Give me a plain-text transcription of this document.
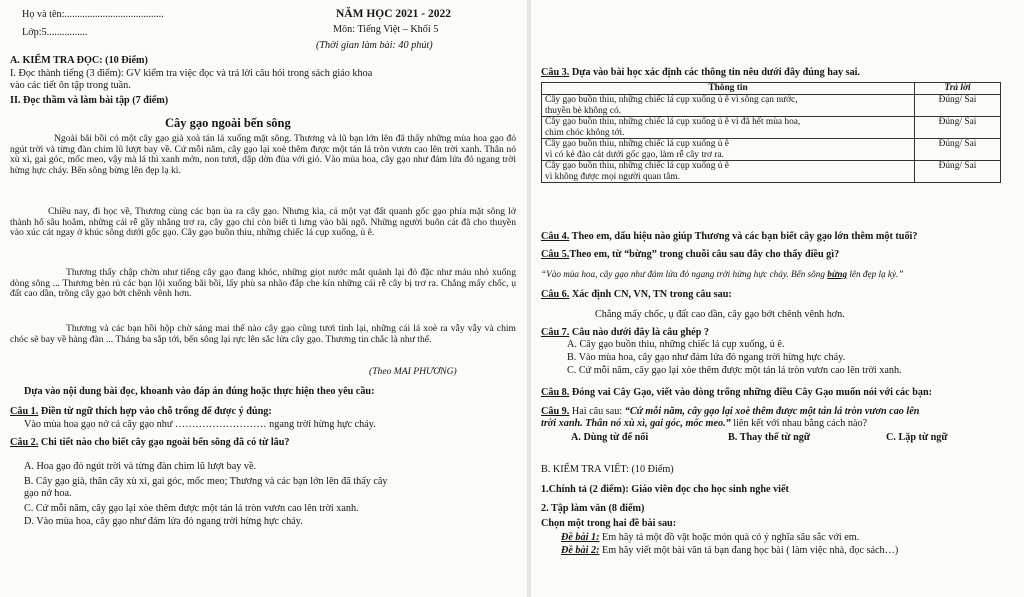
Họ và tên:.......................................
Lớp:5................
NĂM HỌC 2021 - 2022
Môn: Tiếng Việt – Khối 5
(Thời gian làm bài: 40 phút)
A. KIỂM TRA ĐỌC: (10 Điểm)
I. Đọc thành tiếng (3 điểm): GV kiểm tra việc đọc và trả lời câu hỏi trong sách giáo khoa
vào các tiết ôn tập trong tuần.
II. Đọc thầm và làm bài tập (7 điểm)
Cây gạo ngoài bến sông

Ngoài bãi bồi có một cây gạo già xoà tán lá xuống mặt sông. Thương và lũ bạn lớn lên đã thấy những mùa hoa gạo đỏ ngút trời và từng đàn chim lũ lượt bay về. Cứ mỗi năm, cây gạo lại xoè thêm được một tán lá tròn vươn cao lên trời xanh. Thân nó xù xì, gai góc, mốc meo, vậy mà lá thì xanh mởn, non tươi, dập dờn đùa với gió. Vào mùa hoa, cây gạo như đám lửa đỏ ngang trời hừng hực cháy. Bến sông bừng lên đẹp lạ kì.

Chiều nay, đi học về, Thương cùng các bạn ùa ra cây gạo. Nhưng kìa, cả một vạt đất quanh gốc gạo phía mặt sông lở thành hố sâu hoắm, những cái rễ gầy nhẳng trơ ra, cây gạo chỉ còn biết tì lưng vào bãi ngô. Những người buôn cát đã cho thuyền vào xúc cát ngay ở khúc sông dưới gốc gạo. Cây gạo buồn thiu, những chiếc lá cụp xuống, ủ ê.

Thương thấy chập chờn như tiếng cây gạo đang khóc, những giọt nước mắt quánh lại đỏ đặc như máu nhỏ xuống dòng sông ... Thương bèn rủ các bạn lội xuống bãi bồi, lấy phù sa nhão đắp che kín những cái rễ cây bị trơ ra. Chẳng mấy chốc, ụ đất cao dần, trông cây gạo bớt chênh vênh hơn.

Thương và các bạn hồi hộp chờ sáng mai thế nào cây gạo cũng tươi tỉnh lại, những cái lá xoè ra vẫy vẫy và chim chóc sẽ bay về hàng đàn ... Tháng ba sắp tới, bến sông lại rực lên sắc lửa cây gạo. Thương tin chắc là như thế.

(Theo MAI PHƯƠNG)
Dựa vào nội dung bài đọc, khoanh vào đáp án đúng hoặc thực hiện theo yêu cầu:
Câu 1. Điền từ ngữ thích hợp vào chỗ trống để được ý đúng:
Vào mùa hoa gạo nở cả cây gạo như ……………………… ngang trời hừng hực cháy.
Câu 2. Chi tiết nào cho biết cây gạo ngoài bến sông đã có từ lâu?
A. Hoa gạo đỏ ngút trời và từng đàn chim lũ lượt bay về.
B. Cây gạo già, thân cây xù xì, gai góc, mốc meo; Thương và các bạn lớn lên đã thấy cây
gạo nở hoa.
C. Cứ mỗi năm, cây gạo lại xòe thêm được một tán lá tròn vươn cao lên trời xanh.
D. Vào mùa hoa, cây gạo như đám lửa đỏ ngang trời hừng hực cháy.
Câu 3. Dựa vào bài học xác định các thông tin nêu dưới đây đúng hay sai.
Thông tin	Trả lời

Cây gạo buồn thiu, những chiếc lá cụp xuống ủ ê vì sông cạn nước,
thuyền bè không có.	Đúng/ Sai

Cây gạo buồn thiu, những chiếc lá cụp xuống ủ ê vì đã hết mùa hoa,
chim chóc không tới.	Đúng/ Sai

Cây gạo buồn thiu, những chiếc lá cụp xuống ủ ê
vì có kẻ đào cát dưới gốc gạo, làm rễ cây trơ ra.	Đúng/ Sai

Cây gạo buồn thiu, những chiếc lá cụp xuống ủ ê
vì không được mọi người quan tâm.	Đúng/ Sai
Câu 4. Theo em, dấu hiệu nào giúp Thương và các bạn biết cây gạo lớn thêm một tuổi?
Câu 5.Theo em, từ “bừng” trong chuỗi câu sau đây cho thấy điều gì?
“Vào mùa hoa, cây gạo như đám lửa đỏ ngang trời hừng hực cháy. Bến sông bừng lên đẹp lạ kỳ.”
Câu 6. Xác định CN, VN, TN trong câu sau:
Chẳng mấy chốc, ụ đất cao dần, cây gạo bớt chênh vênh hơn.
Câu 7. Câu nào dưới đây là câu ghép ?
A. Cây gạo buồn thiu, những chiếc lá cụp xuống, ủ ê.
B. Vào mùa hoa, cây gạo như đám lửa đỏ ngang trời hừng hực cháy.
C. Cứ mỗi năm, cây gạo lại xòe thêm được một tán lá tròn vươn cao lên trời xanh.
Câu 8. Đóng vai Cây Gạo, viết vào dòng trống những điều Cây Gạo muốn nói với các bạn:
Câu 9. Hai câu sau: “Cứ mỗi năm, cây gạo lại xoè thêm được một tán lá tròn vươn cao lên
trời xanh. Thân nó xù xì, gai góc, mốc meo.” liên kết với nhau bằng cách nào?
A. Dùng từ để nối	B. Thay thế từ ngữ	C. Lặp từ ngữ
B. KIỂM TRA VIẾT: (10 Điểm)
1.Chính tả (2 điểm): Giáo viên đọc cho học sinh nghe viết
2. Tập làm văn (8 điểm)
Chọn một trong hai đề bài sau:
Đề bài 1: Em hãy tả một đồ vật hoặc món quà có ý nghĩa sâu sắc với em.
Đề bài 2: Em hãy viết một bài văn tả bạn đang học bài ( làm việc nhà, đọc sách…)
